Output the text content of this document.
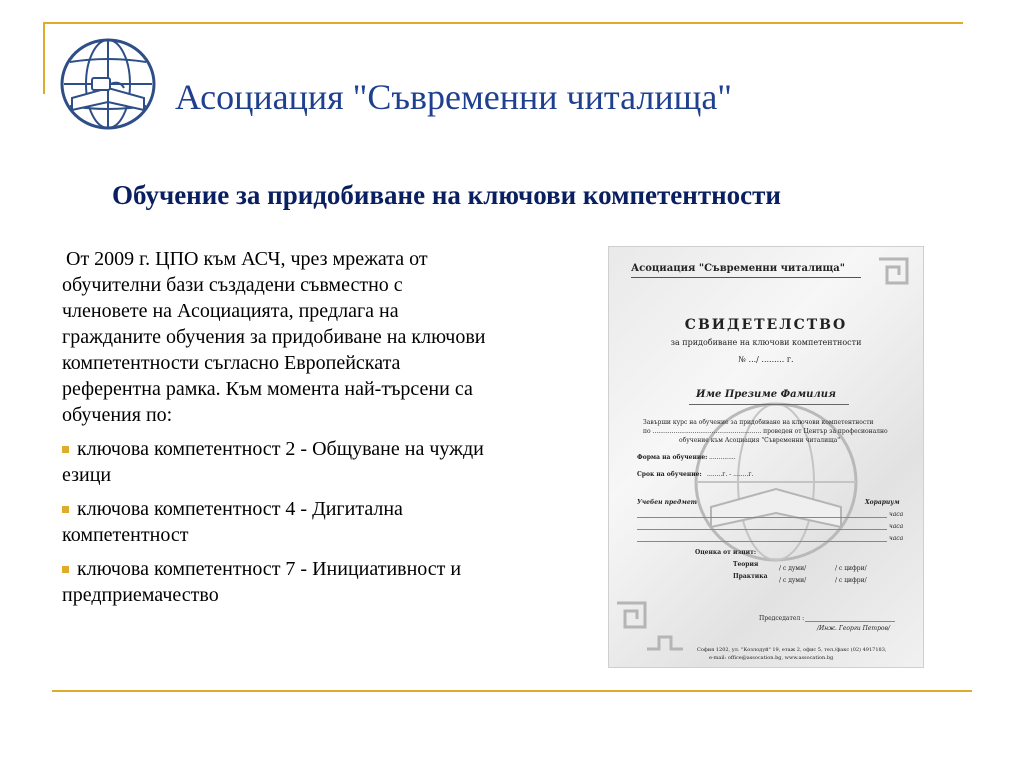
Асоциация "Съвременни читалища"
Обучение за придобиване на ключови компетентности

От 2009 г. ЦПО към АСЧ, чрез мрежата от обучителни бази създадени съвместно с членовете на Асоциацията, предлага на гражданите обучения за придобиване на ключови компетентности съгласно Европейската референтна рамка. Към момента най-търсени са обучения по:

ключова компетентност 2 - Общуване на чужди езици

ключова компетентност 4 - Дигитална компетентност

ключова компетентност 7 - Инициативност и предприемачество

Асоциация "Съвременни читалища"
СВИДЕТЕЛСТВО
за придобиване на ключови компетентности
№ .../ ......... г.
Име Презиме Фамилия
Завърши курс на обучение за придобиване на ключови компетентности
по ......................................................... проведен от Център за професионално
обучение към Асоциация "Съвременни читалища"
Форма на обучение: ..............
Срок на обучение: ........г. - ........г.
Учебен предмет	Хорариум
часа
часа
часа
Оценка от изпит:
Теория
/ с думи/	/ с цифри/
Практика
/ с думи/	/ с цифри/
Председател :
/Инж. Георги Петров/
София 1202, ул. "Козлодуй" 19, етаж 2, офис 5, тел./факс (02) 4917183,
e-mail: office@assocation.bg, www.assocation.bg
